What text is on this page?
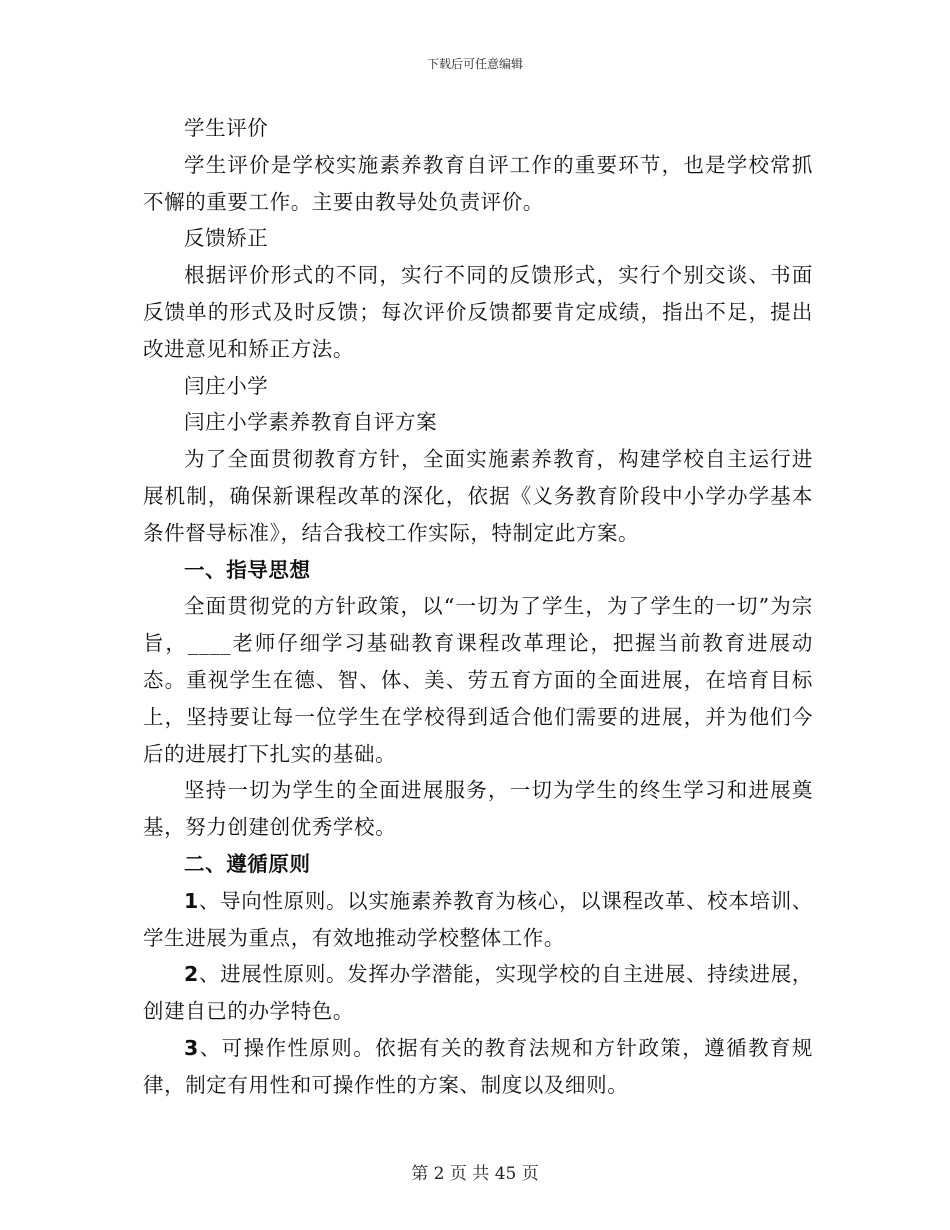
下载后可任意编辑

学生评价

学生评价是学校实施素养教育自评工作的重要环节，也是学校常抓不懈的重要工作。主要由教导处负责评价。

反馈矫正

根据评价形式的不同，实行不同的反馈形式，实行个别交谈、书面反馈单的形式及时反馈；每次评价反馈都要肯定成绩，指出不足，提出改进意见和矫正方法。

闫庄小学

闫庄小学素养教育自评方案

为了全面贯彻教育方针，全面实施素养教育，构建学校自主运行进展机制，确保新课程改革的深化，依据《义务教育阶段中小学办学基本条件督导标准》，结合我校工作实际，特制定此方案。

一、指导思想

全面贯彻党的方针政策，以“一切为了学生，为了学生的一切”为宗旨，____老师仔细学习基础教育课程改革理论，把握当前教育进展动态。重视学生在德、智、体、美、劳五育方面的全面进展，在培育目标上，坚持要让每一位学生在学校得到适合他们需要的进展，并为他们今后的进展打下扎实的基础。

坚持一切为学生的全面进展服务，一切为学生的终生学习和进展奠基，努力创建创优秀学校。

二、遵循原则

1、导向性原则。以实施素养教育为核心，以课程改革、校本培训、学生进展为重点，有效地推动学校整体工作。

2、进展性原则。发挥办学潜能，实现学校的自主进展、持续进展，创建自已的办学特色。

3、可操作性原则。依据有关的教育法规和方针政策，遵循教育规律，制定有用性和可操作性的方案、制度以及细则。

第 2 页 共 45 页
